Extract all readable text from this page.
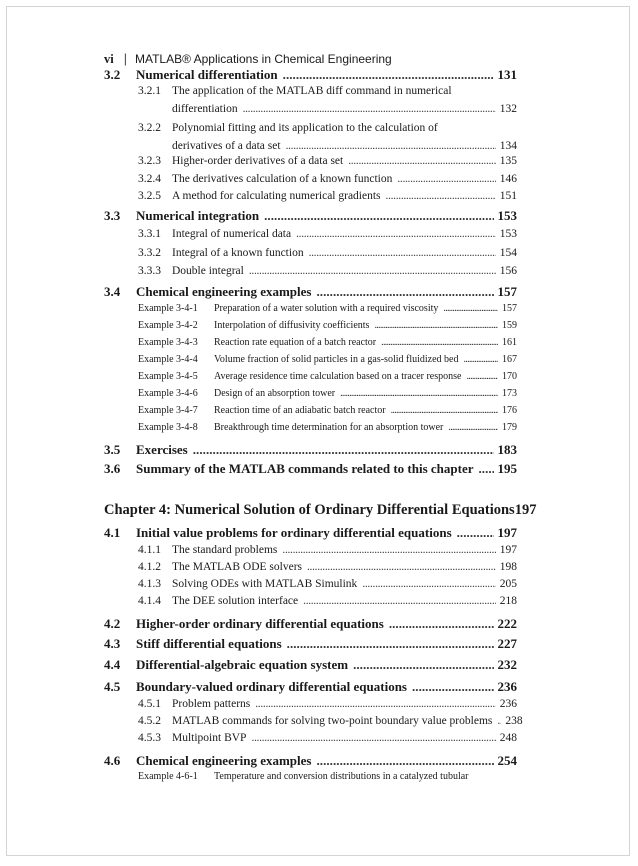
vi | MATLAB® Applications in Chemical Engineering
3.2	Numerical differentiation . . .	131
3.2.1 The application of the MATLAB diff command in numerical
differentiation . . .	132
3.2.2 Polynomial fitting and its application to the calculation of
derivatives of a data set . . .	134
3.2.3 Higher-order derivatives of a data set . . .	135
3.2.4 The derivatives calculation of a known function . . .	146
3.2.5 A method for calculating numerical gradients . . .	151
3.3	Numerical integration . . .	153
3.3.1 Integral of numerical data . . .	153
3.3.2 Integral of a known function . . .	154
3.3.3 Double integral . . .	156
3.4	Chemical engineering examples . . .	157
Example 3-4-1	Preparation of a water solution with a required viscosity . . .	157
Example 3-4-2	Interpolation of diffusivity coefficients . . .	159
Example 3-4-3	Reaction rate equation of a batch reactor . . .	161
Example 3-4-4	Volume fraction of solid particles in a gas-solid fluidized bed . . .	167
Example 3-4-5	Average residence time calculation based on a tracer response . . .	170
Example 3-4-6	Design of an absorption tower . . .	173
Example 3-4-7	Reaction time of an adiabatic batch reactor . . .	176
Example 3-4-8	Breakthrough time determination for an absorption tower . . .	179
3.5	Exercises . . .	183
3.6	Summary of the MATLAB commands related to this chapter . . . 195
Chapter 4: Numerical Solution of Ordinary Differential Equations 197
4.1	Initial value problems for ordinary differential equations . . .	197
4.1.1 The standard problems . . .	197
4.1.2 The MATLAB ODE solvers . . .	198
4.1.3 Solving ODEs with MATLAB Simulink . . .	205
4.1.4 The DEE solution interface . . .	218
4.2	Higher-order ordinary differential equations . . .	222
4.3	Stiff differential equations . . .	227
4.4	Differential-algebraic equation system . . .	232
4.5	Boundary-valued ordinary differential equations . . .	236
4.5.1 Problem patterns . . .	236
4.5.2 MATLAB commands for solving two-point boundary value problems . . . 238
4.5.3 Multipoint BVP . . .	248
4.6	Chemical engineering examples . . .	254
Example 4-6-1	Temperature and conversion distributions in a catalyzed tubular
